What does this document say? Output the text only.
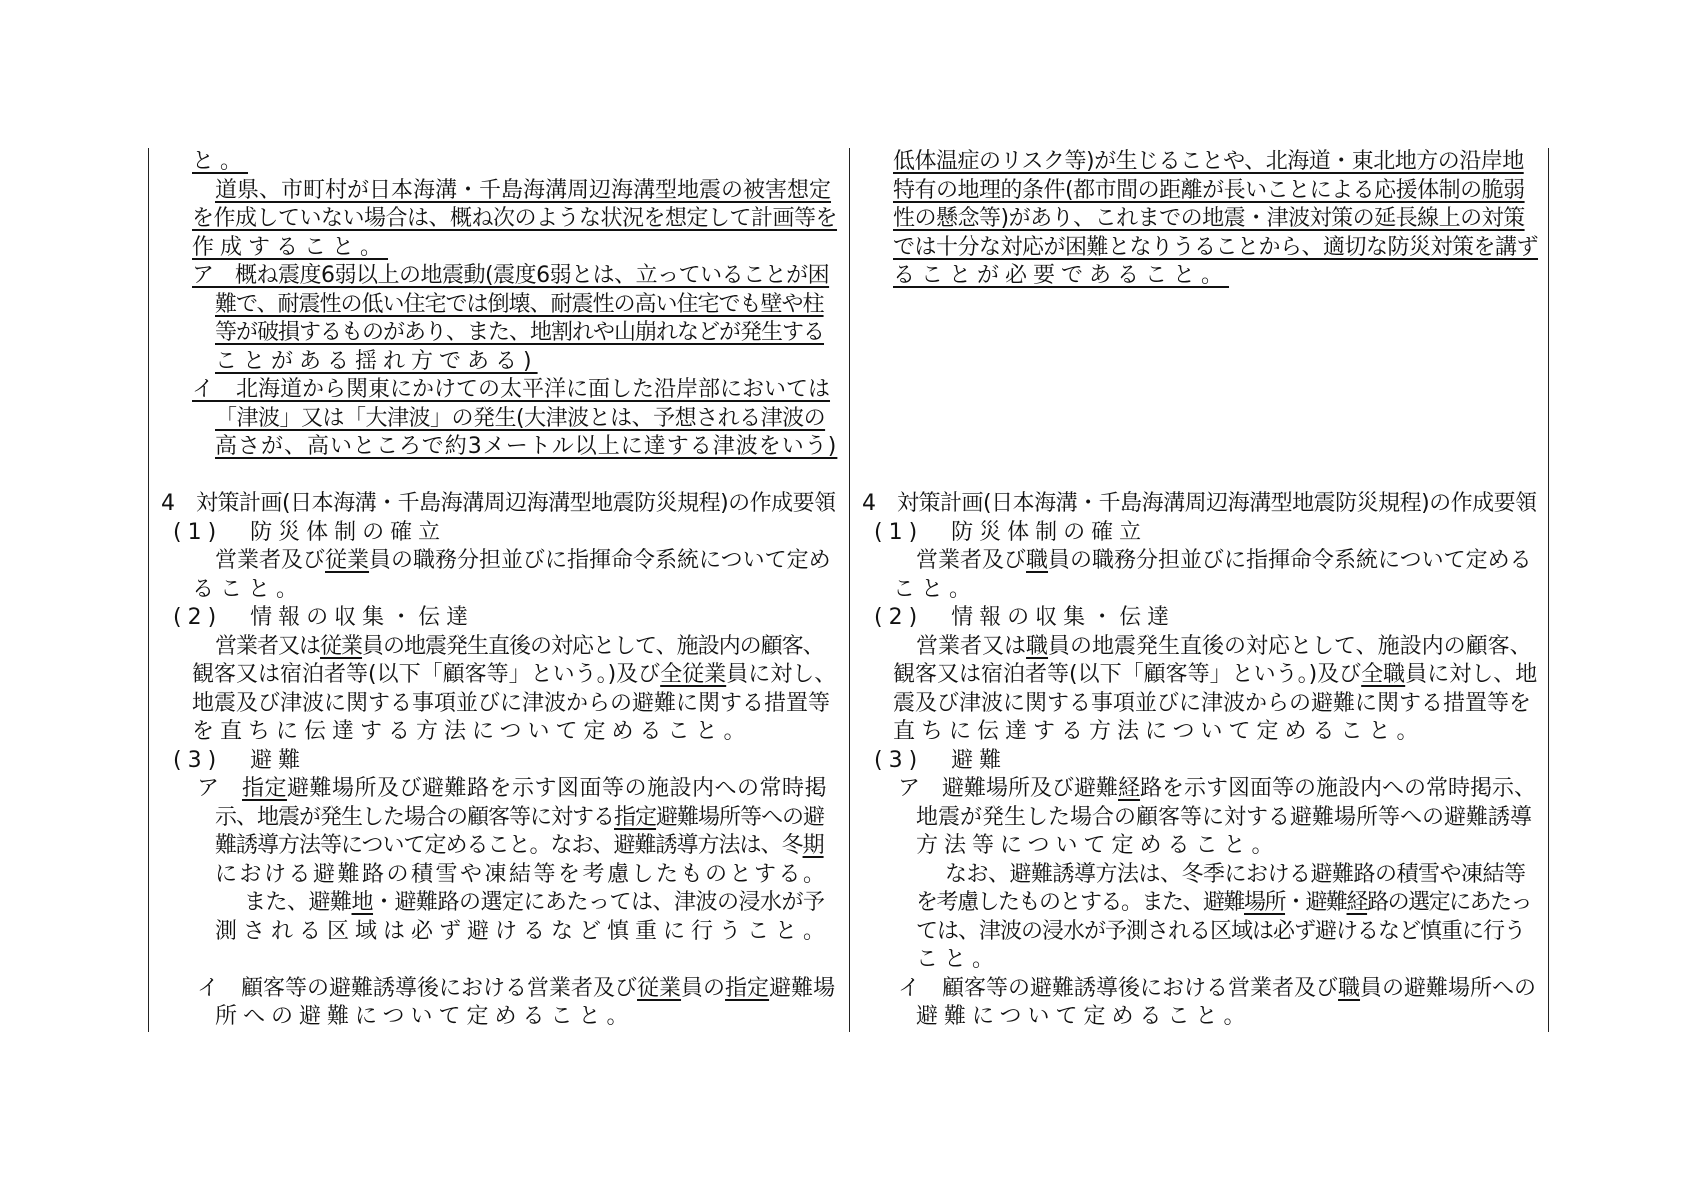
と。
道県、市町村が日本海溝・千島海溝周辺海溝型地震の被害想定
を作成していない場合は、概ね次のような状況を想定して計画等を
作成すること。
ア　概ね震度6弱以上の地震動(震度6弱とは、立っていることが困
難で、耐震性の低い住宅では倒壊、耐震性の高い住宅でも壁や柱
等が破損するものがあり、また、地割れや山崩れなどが発生する
ことがある揺れ方である)
イ　北海道から関東にかけての太平洋に面した沿岸部においては
「津波」又は「大津波」の発生(大津波とは、予想される津波の
高さが、高いところで約3メートル以上に達する津波をいう)
4　対策計画(日本海溝・千島海溝周辺海溝型地震防災規程)の作成要領
(1)　防災体制の確立
営業者及び従業員の職務分担並びに指揮命令系統について定め
ること。
(2)　情報の収集・伝達
営業者又は従業員の地震発生直後の対応として、施設内の顧客、
観客又は宿泊者等(以下「顧客等」という。)及び全従業員に対し、
地震及び津波に関する事項並びに津波からの避難に関する措置等
を直ちに伝達する方法について定めること。
(3)　避難
ア　指定避難場所及び避難路を示す図面等の施設内への常時掲
示、地震が発生した場合の顧客等に対する指定避難場所等への避
難誘導方法等について定めること。なお、避難誘導方法は、冬期
における避難路の積雪や凍結等を考慮したものとする。
また、避難地・避難路の選定にあたっては、津波の浸水が予
測される区域は必ず避けるなど慎重に行うこと。
イ　顧客等の避難誘導後における営業者及び従業員の指定避難場
所への避難について定めること。
低体温症のリスク等)が生じることや、北海道・東北地方の沿岸地
特有の地理的条件(都市間の距離が長いことによる応援体制の脆弱
性の懸念等)があり、これまでの地震・津波対策の延長線上の対策
では十分な対応が困難となりうることから、適切な防災対策を講ず
ることが必要であること。
4　対策計画(日本海溝・千島海溝周辺海溝型地震防災規程)の作成要領
(1)　防災体制の確立
営業者及び職員の職務分担並びに指揮命令系統について定める
こと。
(2)　情報の収集・伝達
営業者又は職員の地震発生直後の対応として、施設内の顧客、
観客又は宿泊者等(以下「顧客等」という。)及び全職員に対し、地
震及び津波に関する事項並びに津波からの避難に関する措置等を
直ちに伝達する方法について定めること。
(3)　避難
ア　避難場所及び避難経路を示す図面等の施設内への常時掲示、
地震が発生した場合の顧客等に対する避難場所等への避難誘導
方法等について定めること。
なお、避難誘導方法は、冬季における避難路の積雪や凍結等
を考慮したものとする。また、避難場所・避難経路の選定にあたっ
ては、津波の浸水が予測される区域は必ず避けるなど慎重に行う
こと。
イ　顧客等の避難誘導後における営業者及び職員の避難場所への
避難について定めること。
